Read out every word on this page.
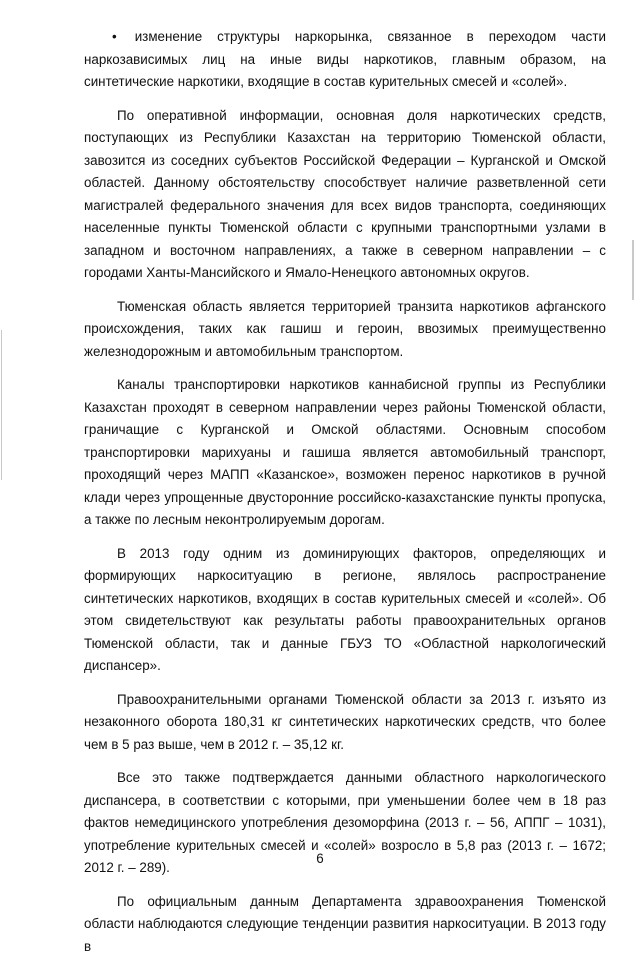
• изменение структуры наркорынка, связанное в переходом части наркозависимых лиц на иные виды наркотиков, главным образом, на синтетические наркотики, входящие в состав курительных смесей и «солей».

По оперативной информации, основная доля наркотических средств, поступающих из Республики Казахстан на территорию Тюменской области, завозится из соседних субъектов Российской Федерации – Курганской и Омской областей. Данному обстоятельству способствует наличие разветвленной сети магистралей федерального значения для всех видов транспорта, соединяющих населенные пункты Тюменской области с крупными транспортными узлами в западном и восточном направлениях, а также в северном направлении – с городами Ханты-Мансийского и Ямало-Ненецкого автономных округов.

Тюменская область является территорией транзита наркотиков афганского происхождения, таких как гашиш и героин, ввозимых преимущественно железнодорожным и автомобильным транспортом.

Каналы транспортировки наркотиков каннабисной группы из Республики Казахстан проходят в северном направлении через районы Тюменской области, граничащие с Курганской и Омской областями. Основным способом транспортировки марихуаны и гашиша является автомобильный транспорт, проходящий через МАПП «Казанское», возможен перенос наркотиков в ручной клади через упрощенные двусторонние российско-казахстанские пункты пропуска, а также по лесным неконтролируемым дорогам.

В 2013 году одним из доминирующих факторов, определяющих и формирующих наркоситуацию в регионе, являлось распространение синтетических наркотиков, входящих в состав курительных смесей и «солей». Об этом свидетельствуют как результаты работы правоохранительных органов Тюменской области, так и данные ГБУЗ ТО «Областной наркологический диспансер».

Правоохранительными органами Тюменской области за 2013 г. изъято из незаконного оборота 180,31 кг синтетических наркотических средств, что более чем в 5 раз выше, чем в 2012 г. – 35,12 кг.

Все это также подтверждается данными областного наркологического диспансера, в соответствии с которыми, при уменьшении более чем в 18 раз фактов немедицинского употребления дезоморфина (2013 г. – 56, АППГ – 1031), употребление курительных смесей и «солей» возросло в 5,8 раз (2013 г. – 1672; 2012 г. – 289).

По официальным данным Департамента здравоохранения Тюменской области наблюдаются следующие тенденции развития наркоситуации. В 2013 году в

6
